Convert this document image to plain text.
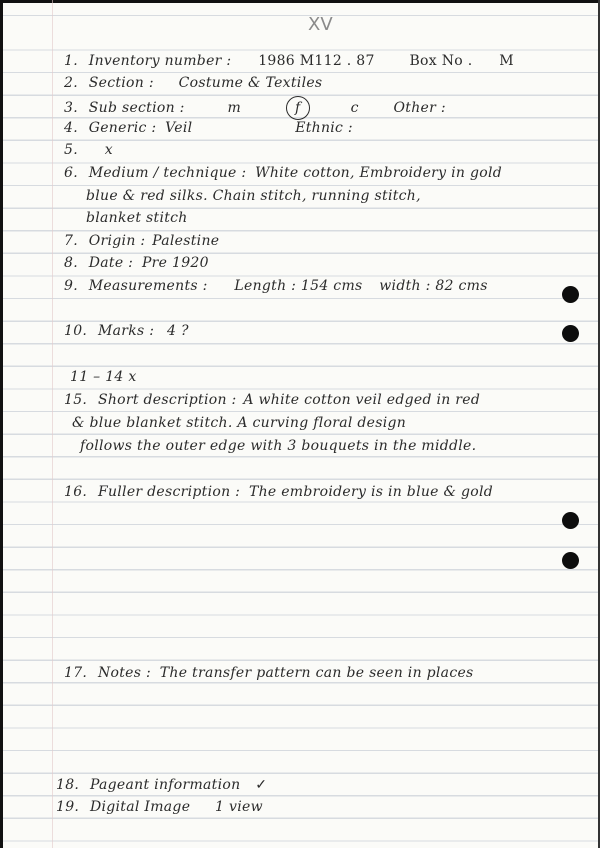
XV
1. Inventory number : 1986 M112 . 87 Box No . M
2. Section : Costume & Textiles
3. Sub section :	m	f	c Other :
4. Generic : Veil	Ethnic :
5. x
6. Medium / technique : White cotton, Embroidery in gold
blue & red silks. Chain stitch, running stitch,
blanket stitch
7. Origin : Palestine
8. Date : Pre 1920
9. Measurements : Length : 154 cms width : 82 cms
10. Marks : 4 ?
11 – 14 x
15. Short description : A white cotton veil edged in red
& blue blanket stitch. A curving floral design
follows the outer edge with 3 bouquets in the middle.
16. Fuller description : The embroidery is in blue & gold
17. Notes : The transfer pattern can be seen in places
18. Pageant information ✓
19. Digital Image 1 view
